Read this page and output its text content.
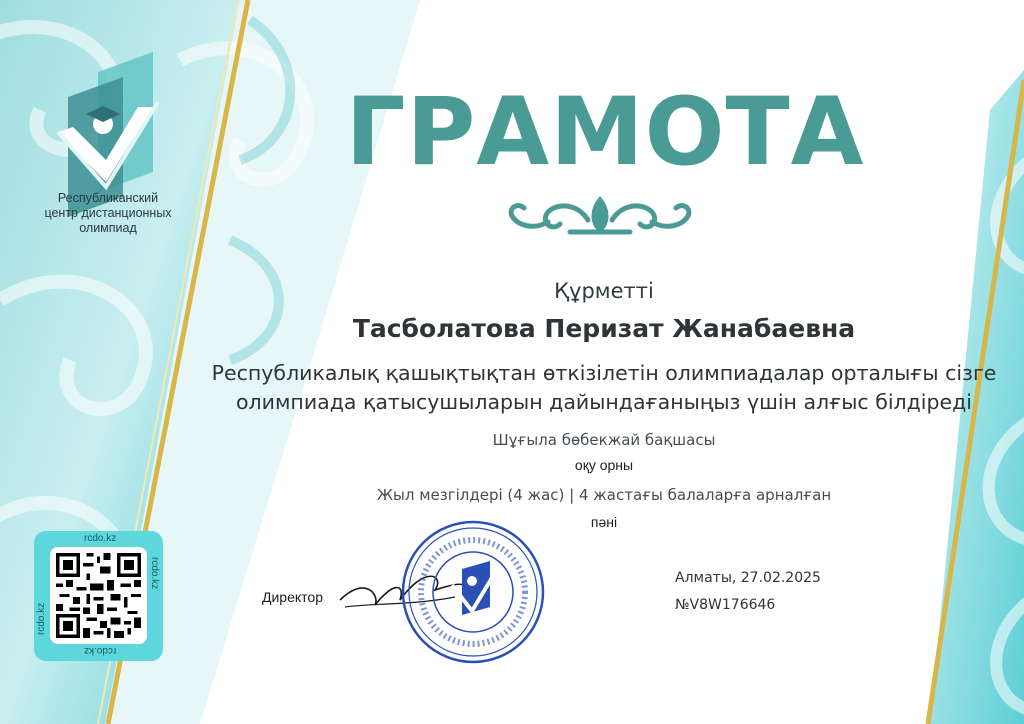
Республиканский
центр дистанционных
олимпиад
ГРАМОТА
Құрметті
Тасболатова Перизат Жанабаевна
Республикалық қашықтықтан өткізілетін олимпиадалар орталығы сізге
олимпиада қатысушыларын дайындағаныңыз үшін алғыс білдіреді
Шұғыла бөбекжай бақшасы
оқу орны
Жыл мезгілдері (4 жас) | 4 жастағы балаларға арналған
пәні
Директор
Алматы, 27.02.2025
№V8W176646
rcdo.kz
rcdo.kz
rcdo.kz
rcdo.kz
